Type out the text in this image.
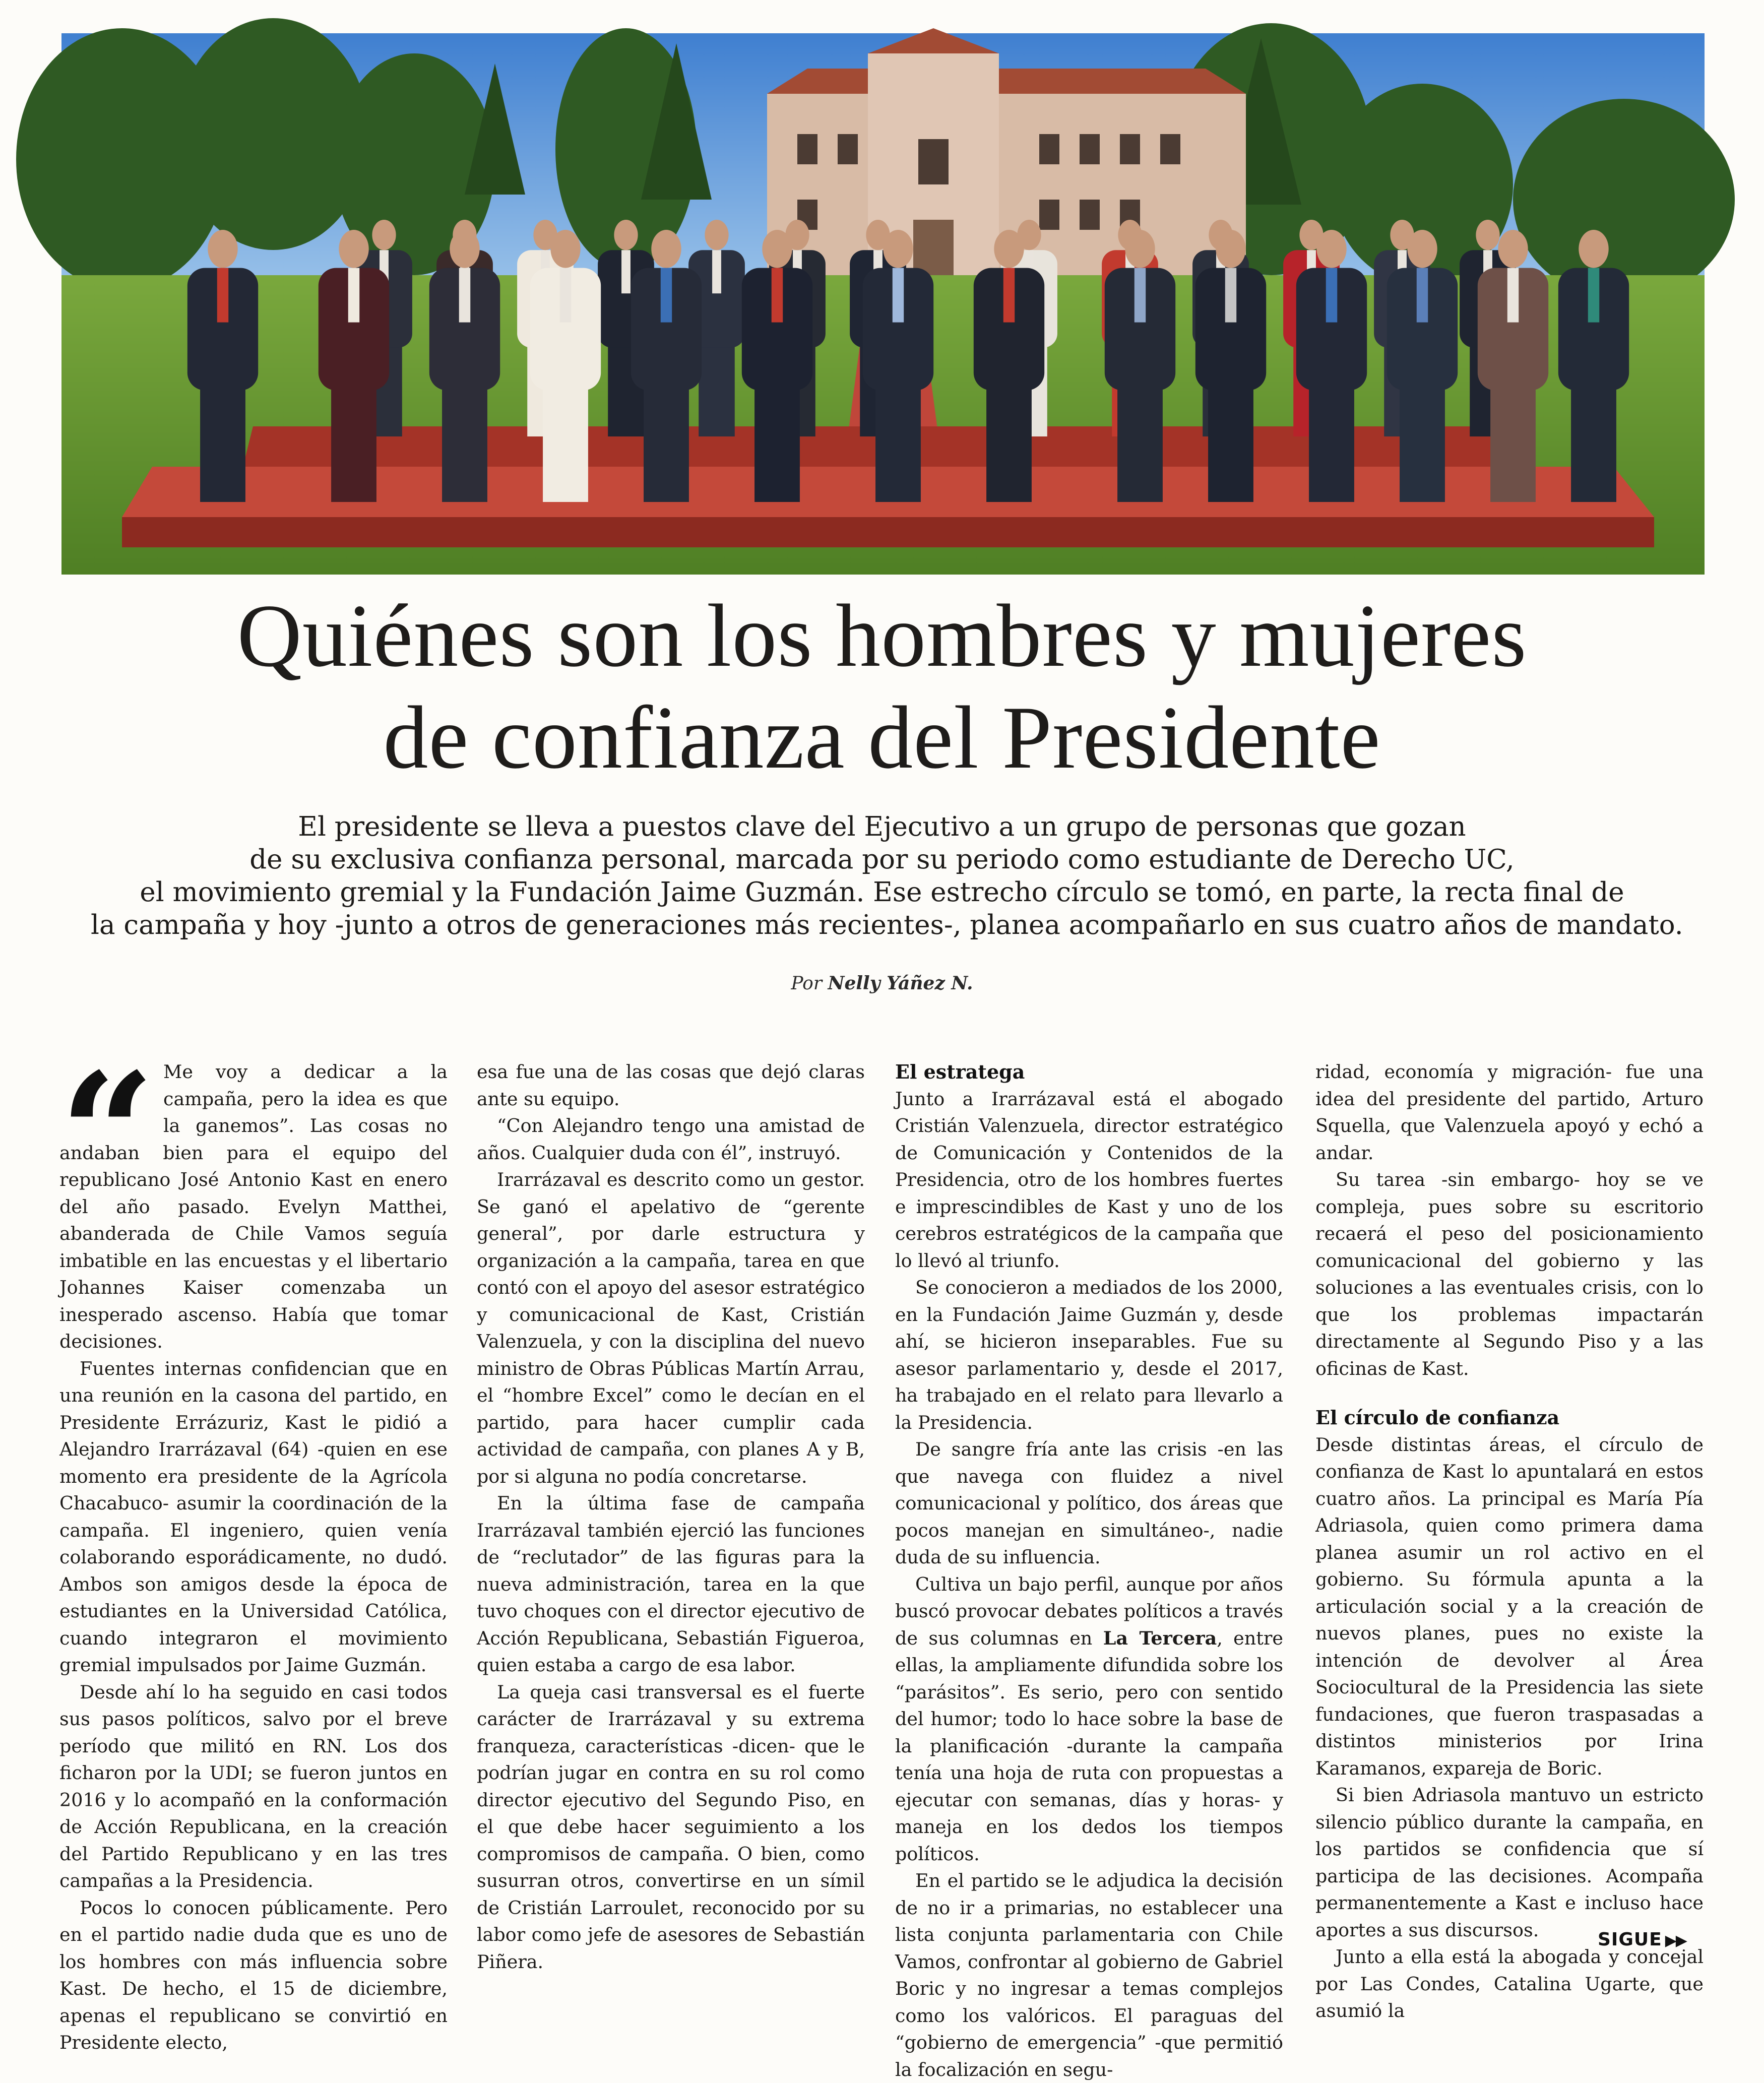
Quiénes son los hombres y mujeres
de confianza del Presidente
El presidente se lleva a puestos clave del Ejecutivo a un grupo de personas que gozan
de su exclusiva confianza personal, marcada por su periodo como estudiante de Derecho UC,
el movimiento gremial y la Fundación Jaime Guzmán. Ese estrecho círculo se tomó, en parte, la recta final de
la campaña y hoy -junto a otros de generaciones más recientes-, planea acompañarlo en sus cuatro años de mandato.
Por Nelly Yáñez N.
“ Me voy a dedicar a la campaña, pero la idea es que la ganemos”. Las cosas no andaban bien para el equipo del republicano José Antonio Kast en enero del año pasado. Evelyn Matthei, abanderada de Chile Vamos seguía imbatible en las encuestas y el libertario Johannes Kaiser comenzaba un inesperado ascenso. Había que tomar decisiones.

Fuentes internas confidencian que en una reunión en la casona del partido, en Presidente Errázuriz, Kast le pidió a Alejandro Irarrázaval (64) -quien en ese momento era presidente de la Agrícola Chacabuco- asumir la coordinación de la campaña. El ingeniero, quien venía colaborando esporádicamente, no dudó. Ambos son amigos desde la época de estudiantes en la Universidad Católica, cuando integraron el movimiento gremial impulsados por Jaime Guzmán.

Desde ahí lo ha seguido en casi todos sus pasos políticos, salvo por el breve período que militó en RN. Los dos ficharon por la UDI; se fueron juntos en 2016 y lo acompañó en la conformación de Acción Republicana, en la creación del Partido Republicano y en las tres campañas a la Presidencia.

Pocos lo conocen públicamente. Pero en el partido nadie duda que es uno de los hombres con más influencia sobre Kast. De hecho, el 15 de diciembre, apenas el republicano se convirtió en Presidente electo,

esa fue una de las cosas que dejó claras ante su equipo.

“Con Alejandro tengo una amistad de años. Cualquier duda con él”, instruyó.

Irarrázaval es descrito como un gestor. Se ganó el apelativo de “gerente general”, por darle estructura y organización a la campaña, tarea en que contó con el apoyo del asesor estratégico y comunicacional de Kast, Cristián Valenzuela, y con la disciplina del nuevo ministro de Obras Públicas Martín Arrau, el “hombre Excel” como le decían en el partido, para hacer cumplir cada actividad de campaña, con planes A y B, por si alguna no podía concretarse.

En la última fase de campaña Irarrázaval también ejerció las funciones de “reclutador” de las figuras para la nueva administración, tarea en la que tuvo choques con el director ejecutivo de Acción Republicana, Sebastián Figueroa, quien estaba a cargo de esa labor.

La queja casi transversal es el fuerte carácter de Irarrázaval y su extrema franqueza, características -dicen- que le podrían jugar en contra en su rol como director ejecutivo del Segundo Piso, en el que debe hacer seguimiento a los compromisos de campaña. O bien, como susurran otros, convertirse en un símil de Cristián Larroulet, reconocido por su labor como jefe de asesores de Sebastián Piñera.

El estratega

Junto a Irarrázaval está el abogado Cristián Valenzuela, director estratégico de Comunicación y Contenidos de la Presidencia, otro de los hombres fuertes e imprescindibles de Kast y uno de los cerebros estratégicos de la campaña que lo llevó al triunfo.

Se conocieron a mediados de los 2000, en la Fundación Jaime Guzmán y, desde ahí, se hicieron inseparables. Fue su asesor parlamentario y, desde el 2017, ha trabajado en el relato para llevarlo a la Presidencia.

De sangre fría ante las crisis -en las que navega con fluidez a nivel comunicacional y político, dos áreas que pocos manejan en simultáneo-, nadie duda de su influencia.

Cultiva un bajo perfil, aunque por años buscó provocar debates políticos a través de sus columnas en La Tercera, entre ellas, la ampliamente difundida sobre los “parásitos”. Es serio, pero con sentido del humor; todo lo hace sobre la base de la planificación -durante la campaña tenía una hoja de ruta con propuestas a ejecutar con semanas, días y horas- y maneja en los dedos los tiempos políticos.

En el partido se le adjudica la decisión de no ir a primarias, no establecer una lista conjunta parlamentaria con Chile Vamos, confrontar al gobierno de Gabriel Boric y no ingresar a temas complejos como los valóricos. El paraguas del “gobierno de emergencia” -que permitió la focalización en segu-

ridad, economía y migración- fue una idea del presidente del partido, Arturo Squella, que Valenzuela apoyó y echó a andar.

Su tarea -sin embargo- hoy se ve compleja, pues sobre su escritorio recaerá el peso del posicionamiento comunicacional del gobierno y las soluciones a las eventuales crisis, con lo que los problemas impactarán directamente al Segundo Piso y a las oficinas de Kast.

El círculo de confianza

Desde distintas áreas, el círculo de confianza de Kast lo apuntalará en estos cuatro años. La principal es María Pía Adriasola, quien como primera dama planea asumir un rol activo en el gobierno. Su fórmula apunta a la articulación social y a la creación de nuevos planes, pues no existe la intención de devolver al Área Sociocultural de la Presidencia las siete fundaciones, que fueron traspasadas a distintos ministerios por Irina Karamanos, expareja de Boric.

Si bien Adriasola mantuvo un estricto silencio público durante la campaña, en los partidos se confidencia que sí participa de las decisiones. Acompaña permanentemente a Kast e incluso hace aportes a sus discursos.

Junto a ella está la abogada y concejal por Las Condes, Catalina Ugarte, que asumió la

SIGUE ▶▶
